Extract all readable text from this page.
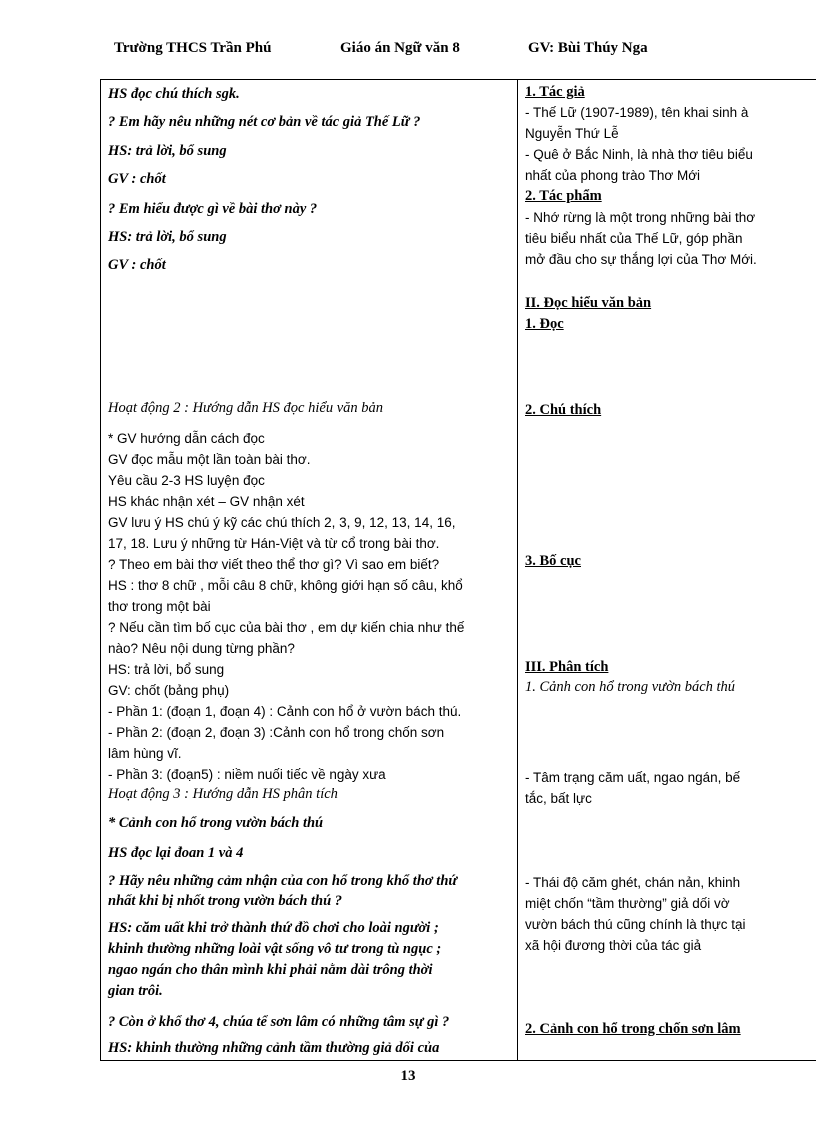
Trường THCS Trần Phú	Giáo án Ngữ văn 8	GV: Bùi Thúy Nga
HS đọc chú thích sgk.
? Em hãy nêu những nét cơ bản về tác giả Thế Lữ ?
HS: trả lời, bổ sung
GV : chốt
? Em hiểu được gì về bài thơ này ?
HS: trả lời, bổ sung
GV : chốt
Hoạt động 2 : Hướng dẫn HS đọc hiểu văn bản
* GV hướng dẫn cách đọc
GV đọc mẫu một lần toàn bài thơ.
Yêu cầu 2-3 HS luyện đọc
HS khác nhận xét – GV nhận xét
GV lưu ý HS chú ý kỹ các chú thích 2, 3, 9, 12, 13, 14, 16,
17, 18. Lưu ý những từ Hán-Việt và từ cổ trong bài thơ.
? Theo em bài thơ viết theo thể thơ gì? Vì sao em biết?
HS : thơ 8 chữ , mỗi câu 8 chữ, không giới hạn số câu, khổ
thơ trong một bài
? Nếu cần tìm bố cục của bài thơ , em dự kiến chia như thế
nào? Nêu nội dung từng phần?
HS: trả lời, bổ sung
GV: chốt (bảng phụ)
- Phần 1: (đoạn 1, đoạn 4) : Cảnh con hổ ở vườn bách thú.
- Phần 2: (đoạn 2, đoạn 3) :Cảnh con hổ trong chốn sơn
lâm hùng vĩ.
- Phần 3: (đoạn5) : niềm nuối tiếc về ngày xưa
Hoạt động 3 : Hướng dẫn HS phân tích
* Cảnh con hổ trong vườn bách thú
HS đọc lại đoan 1 và 4
? Hãy nêu những cảm nhận của con hổ trong khổ thơ thứ
nhất khi bị nhốt trong vườn bách thú ?
HS: căm uất khi trở thành thứ đồ chơi cho loài người ;
khinh thường những loài vật sống vô tư trong tù ngục ;
ngao ngán cho thân mình khi phải nằm dài trông thời
gian trôi.
? Còn ở khổ thơ 4, chúa tể sơn lâm có những tâm sự gì ?
HS: khinh thường những cảnh tầm thường giả dối của
1. Tác giả
- Thế Lữ (1907-1989), tên khai sinh à
Nguyễn Thứ Lễ
- Quê ở Bắc Ninh, là nhà thơ tiêu biểu
nhất của phong trào Thơ Mới
2. Tác phẩm
- Nhớ rừng là một trong những bài thơ
tiêu biểu nhất của Thế Lữ, góp phần
mở đầu cho sự thắng lợi của Thơ Mới.
II. Đọc hiểu văn bản
1. Đọc
2. Chú thích
3. Bố cục
III. Phân tích
1. Cảnh con hổ trong vườn bách thú
- Tâm trạng căm uất, ngao ngán, bế
tắc, bất lực
- Thái độ căm ghét, chán nản, khinh
miệt chốn “tầm thường” giả dối vờ
vườn bách thú cũng chính là thực tại
xã hội đương thời của tác giả
2. Cảnh con hổ trong chốn sơn lâm
13
